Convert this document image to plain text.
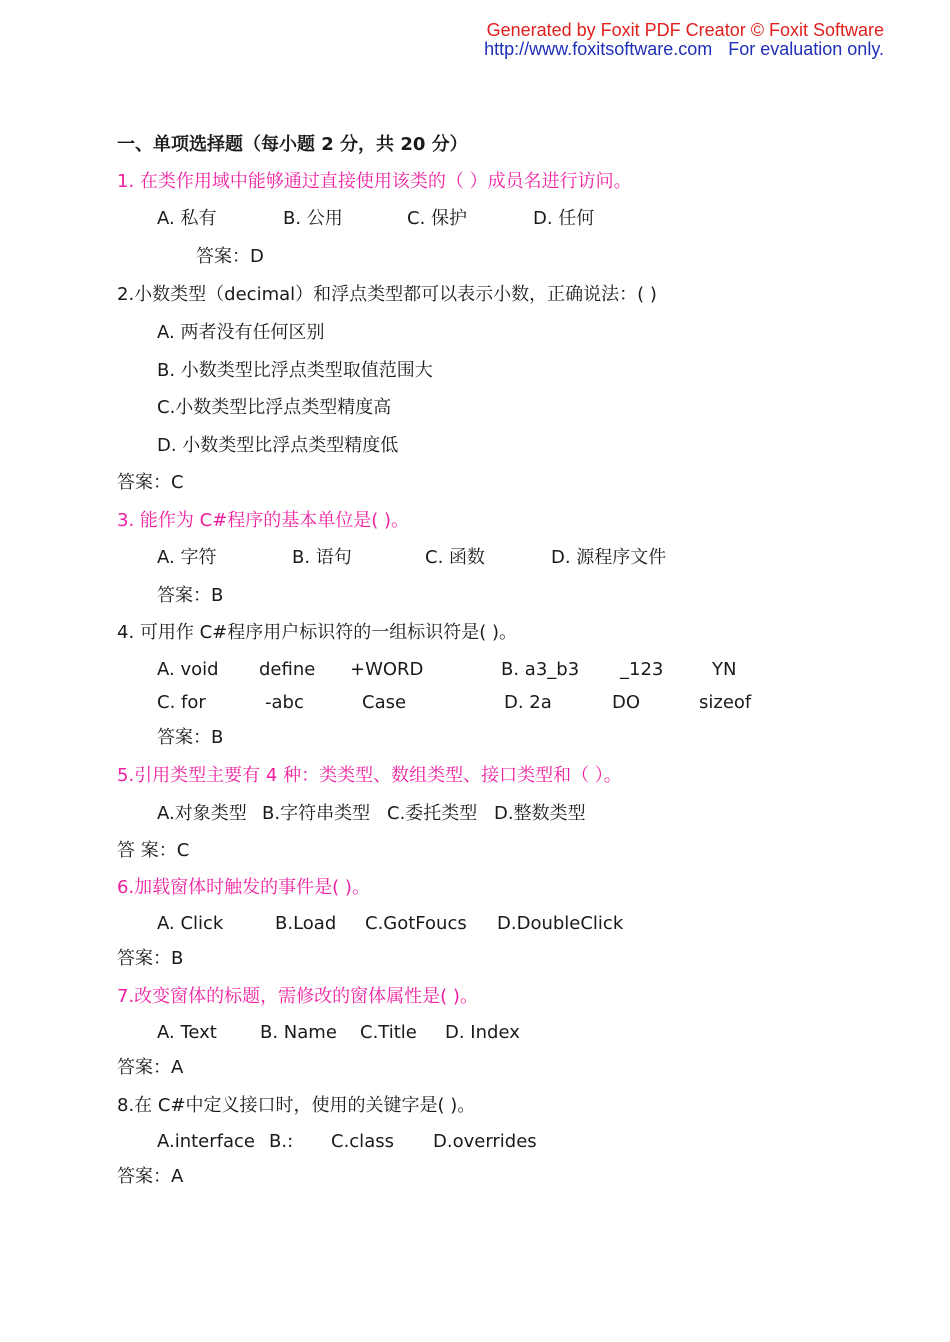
Generated by Foxit PDF Creator © Foxit Software
http://www.foxitsoftware.com For evaluation only.
一、单项选择题（每小题 2 分，共 20 分）
1. 在类作用域中能够通过直接使用该类的（ ）成员名进行访问。
A. 私有	B. 公用	C. 保护	D. 任何
答案：D
2.小数类型（decimal）和浮点类型都可以表示小数，正确说法：( )
A. 两者没有任何区别
B. 小数类型比浮点类型取值范围大
C.小数类型比浮点类型精度高
D. 小数类型比浮点类型精度低
答案：C
3. 能作为 C#程序的基本单位是( )。
A. 字符	B. 语句	C. 函数	D. 源程序文件
答案：B
4. 可用作 C#程序用户标识符的一组标识符是( )。
A. void define +WORD	B. a3_b3 _123	YN
C. for	-abc	Case	D. 2a	DO	sizeof
答案：B
5.引用类型主要有 4 种：类类型、数组类型、接口类型和（ ）。
A.对象类型 B.字符串类型 C.委托类型 D.整数类型
答 案：C
6.加载窗体时触发的事件是( )。
A. Click	B.Load C.GotFoucs D.DoubleClick
答案：B
7.改变窗体的标题，需修改的窗体属性是( )。
A. Text B. Name C.Title D. Index
答案：A
8.在 C#中定义接口时，使用的关键字是( )。
A.interface B.: C.class D.overrides
答案：A
